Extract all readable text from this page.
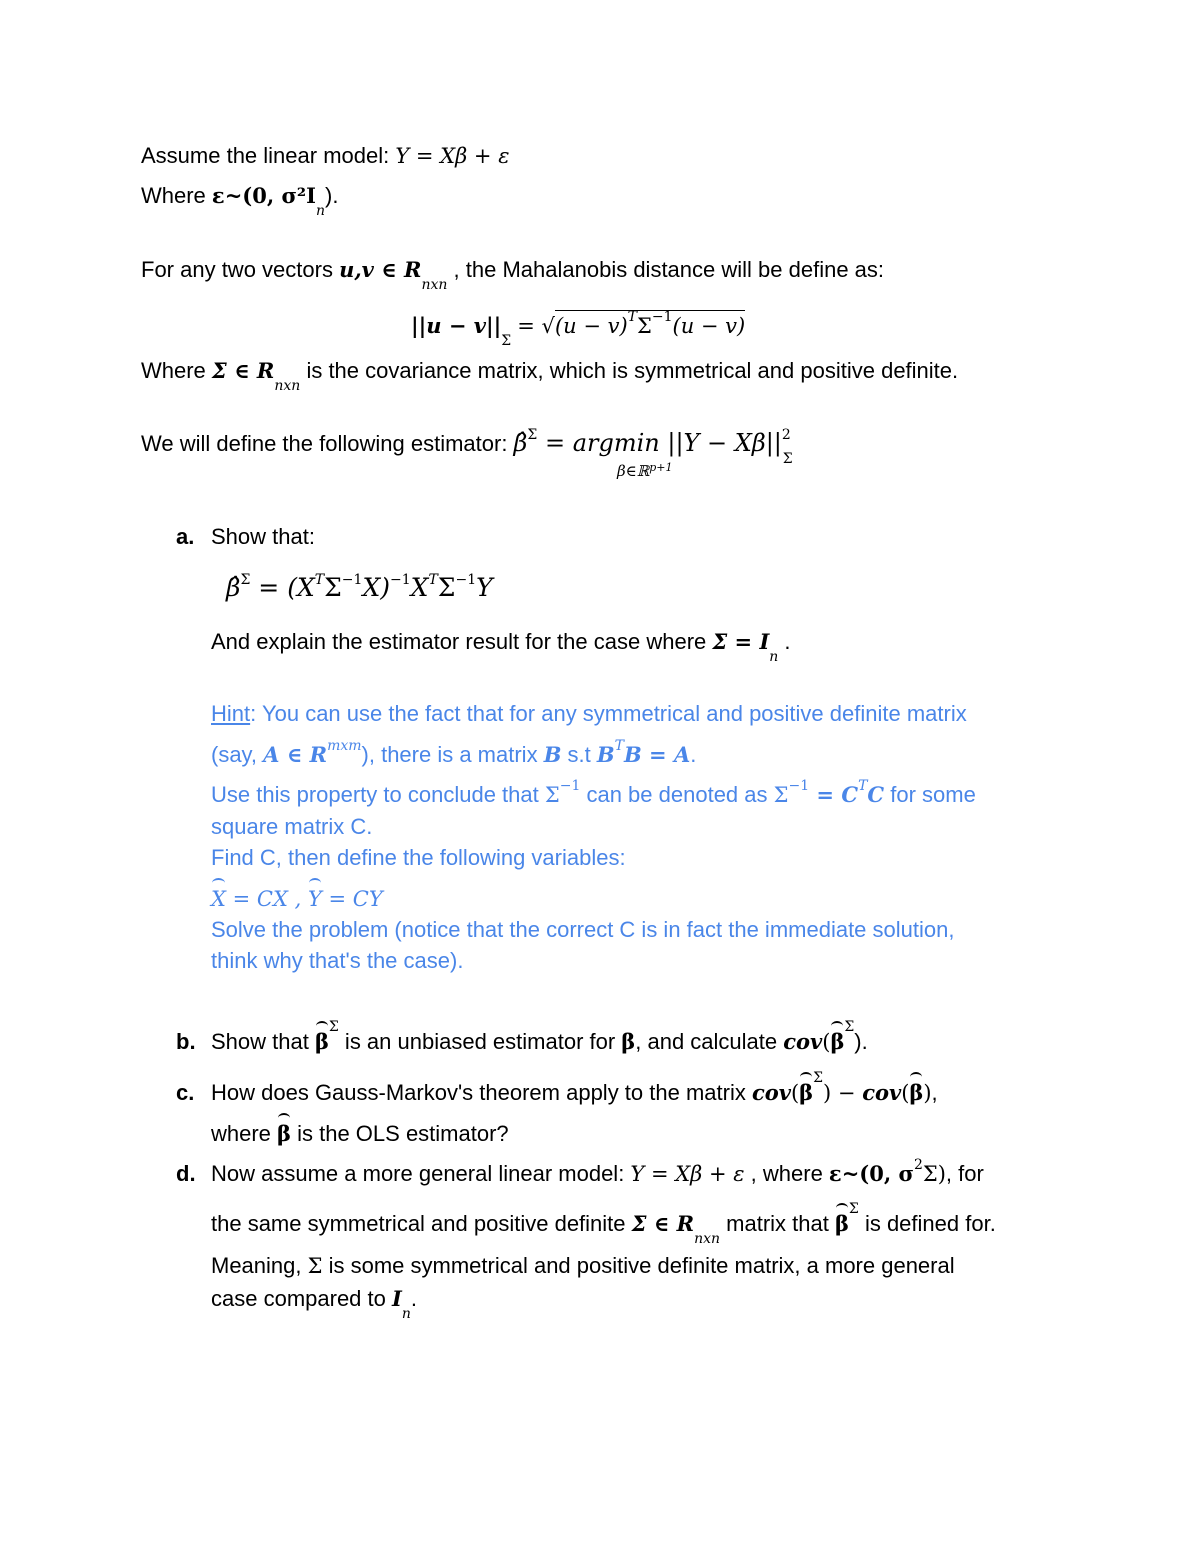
Assume the linear model: Y = Xβ + ε
Where ε~(0, $\sigma^2I_n$).
For any two vectors u,v ∈ $R_{nxn}$ , the Mahalanobis distance will be define as:
$||u - v||_\Sigma = √(u - v)^T\Sigma^{-1}(u - v)$
Where Σ ∈ $R_{nxn}$ is the covariance matrix, which is symmetrical and positive definite.
We will define the following estimator: β̂$^\Sigma$ = argmin $||Y - X\beta||^2_\Sigma$
β∈ℝ$^{p+1}$
a. Show that:
β̂$^\Sigma$ = $(X^T\Sigma^{-1}X)^{-1}X^T\Sigma^{-1}Y$
And explain the estimator result for the case where $\Sigma = I_n$ .
Hint: You can use the fact that for any symmetrical and positive definite matrix
(say, A ∈ $R^{mxm}$), there is a matrix B s.t $B^TB = A$.
Use this property to conclude that $\Sigma^{-1}$ can be denoted as $\Sigma^{-1} = C^TC$ for some
square matrix C.
Find C, then define the following variables:
X = CX , Y = CY
Solve the problem (notice that the correct C is in fact the immediate solution,
think why that's the case).
b. Show that $\beta^\Sigma$ is an unbiased estimator for β, and calculate $cov(\beta^\Sigma)$.
c. How does Gauss-Markov's theorem apply to the matrix $cov(\beta^\Sigma) - cov(\beta)$,
where β is the OLS estimator?
d. Now assume a more general linear model: Y = Xβ + ε , where ε~(0, $\sigma^2\Sigma$), for
the same symmetrical and positive definite Σ ∈ $R_{nxn}$ matrix that $\beta^\Sigma$ is defined for.
Meaning, Σ is some symmetrical and positive definite matrix, a more general
case compared to $I_n$.
